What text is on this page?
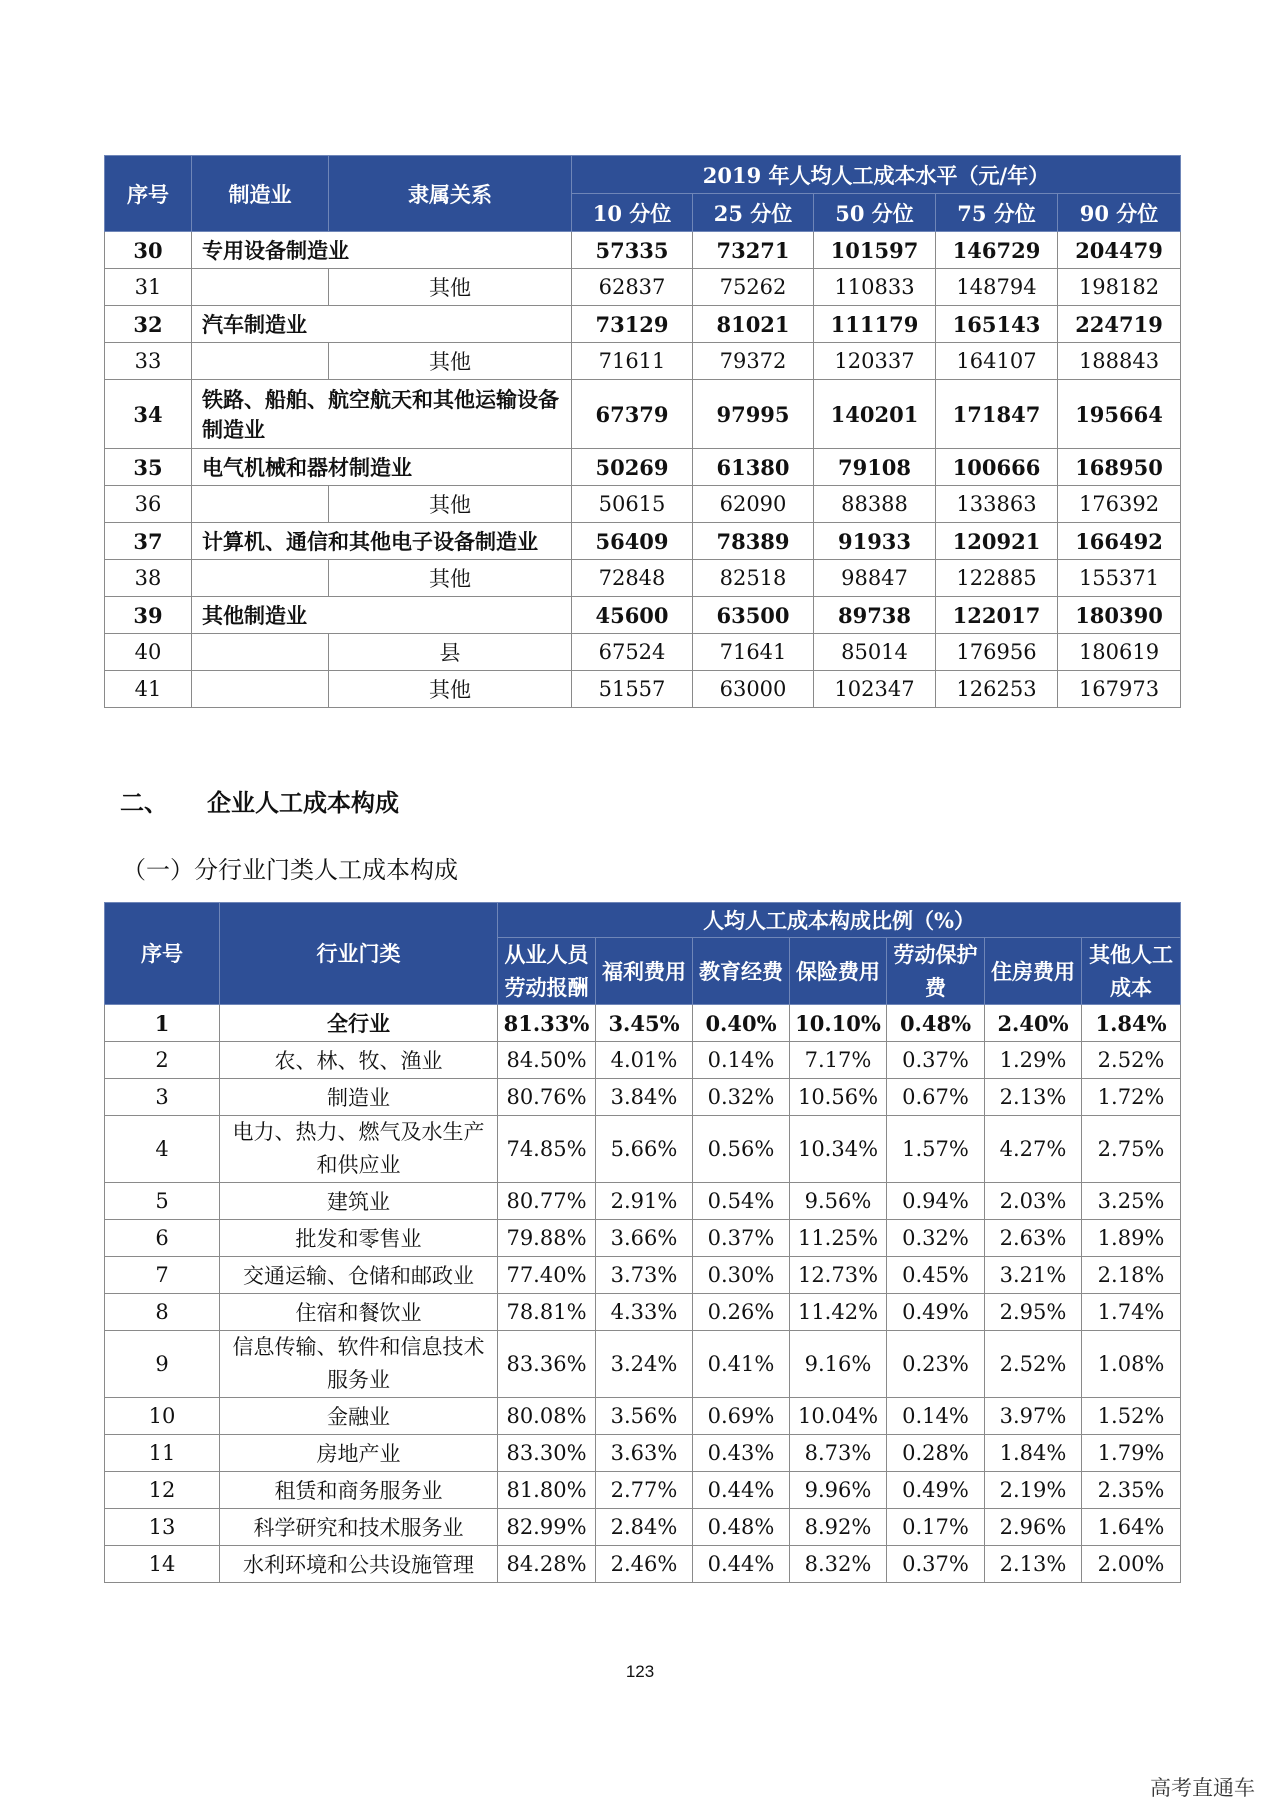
序号	制造业	隶属关系	2019 年人均人工成本水平（元/年）				
			10 分位	25 分位	50 分位	75 分位	90 分位
30	专用设备制造业		57335	73271	101597	146729	204479
31		其他	62837	75262	110833	148794	198182
32	汽车制造业		73129	81021	111179	165143	224719
33		其他	71611	79372	120337	164107	188843
34	铁路、船舶、航空航天和其他运输设备制造业		67379	97995	140201	171847	195664
35	电气机械和器材制造业		50269	61380	79108	100666	168950
36		其他	50615	62090	88388	133863	176392
37	计算机、通信和其他电子设备制造业		56409	78389	91933	120921	166492
38		其他	72848	82518	98847	122885	155371
39	其他制造业		45600	63500	89738	122017	180390
40		县	67524	71641	85014	176956	180619
41		其他	51557	63000	102347	126253	167973
二、 企业人工成本构成
（一）分行业门类人工成本构成
序号	行业门类	人均人工成本构成比例（%）						
		从业人员劳动报酬	福利费用	教育经费	保险费用	劳动保护费	住房费用	其他人工成本
1	全行业	81.33%	3.45%	0.40%	10.10%	0.48%	2.40%	1.84%
2	农、林、牧、渔业	84.50%	4.01%	0.14%	7.17%	0.37%	1.29%	2.52%
3	制造业	80.76%	3.84%	0.32%	10.56%	0.67%	2.13%	1.72%
4	电力、热力、燃气及水生产和供应业	74.85%	5.66%	0.56%	10.34%	1.57%	4.27%	2.75%
5	建筑业	80.77%	2.91%	0.54%	9.56%	0.94%	2.03%	3.25%
6	批发和零售业	79.88%	3.66%	0.37%	11.25%	0.32%	2.63%	1.89%
7	交通运输、仓储和邮政业	77.40%	3.73%	0.30%	12.73%	0.45%	3.21%	2.18%
8	住宿和餐饮业	78.81%	4.33%	0.26%	11.42%	0.49%	2.95%	1.74%
9	信息传输、软件和信息技术服务业	83.36%	3.24%	0.41%	9.16%	0.23%	2.52%	1.08%
10	金融业	80.08%	3.56%	0.69%	10.04%	0.14%	3.97%	1.52%
11	房地产业	83.30%	3.63%	0.43%	8.73%	0.28%	1.84%	1.79%
12	租赁和商务服务业	81.80%	2.77%	0.44%	9.96%	0.49%	2.19%	2.35%
13	科学研究和技术服务业	82.99%	2.84%	0.48%	8.92%	0.17%	2.96%	1.64%
14	水利环境和公共设施管理	84.28%	2.46%	0.44%	8.32%	0.37%	2.13%	2.00%
123
高考直通车
